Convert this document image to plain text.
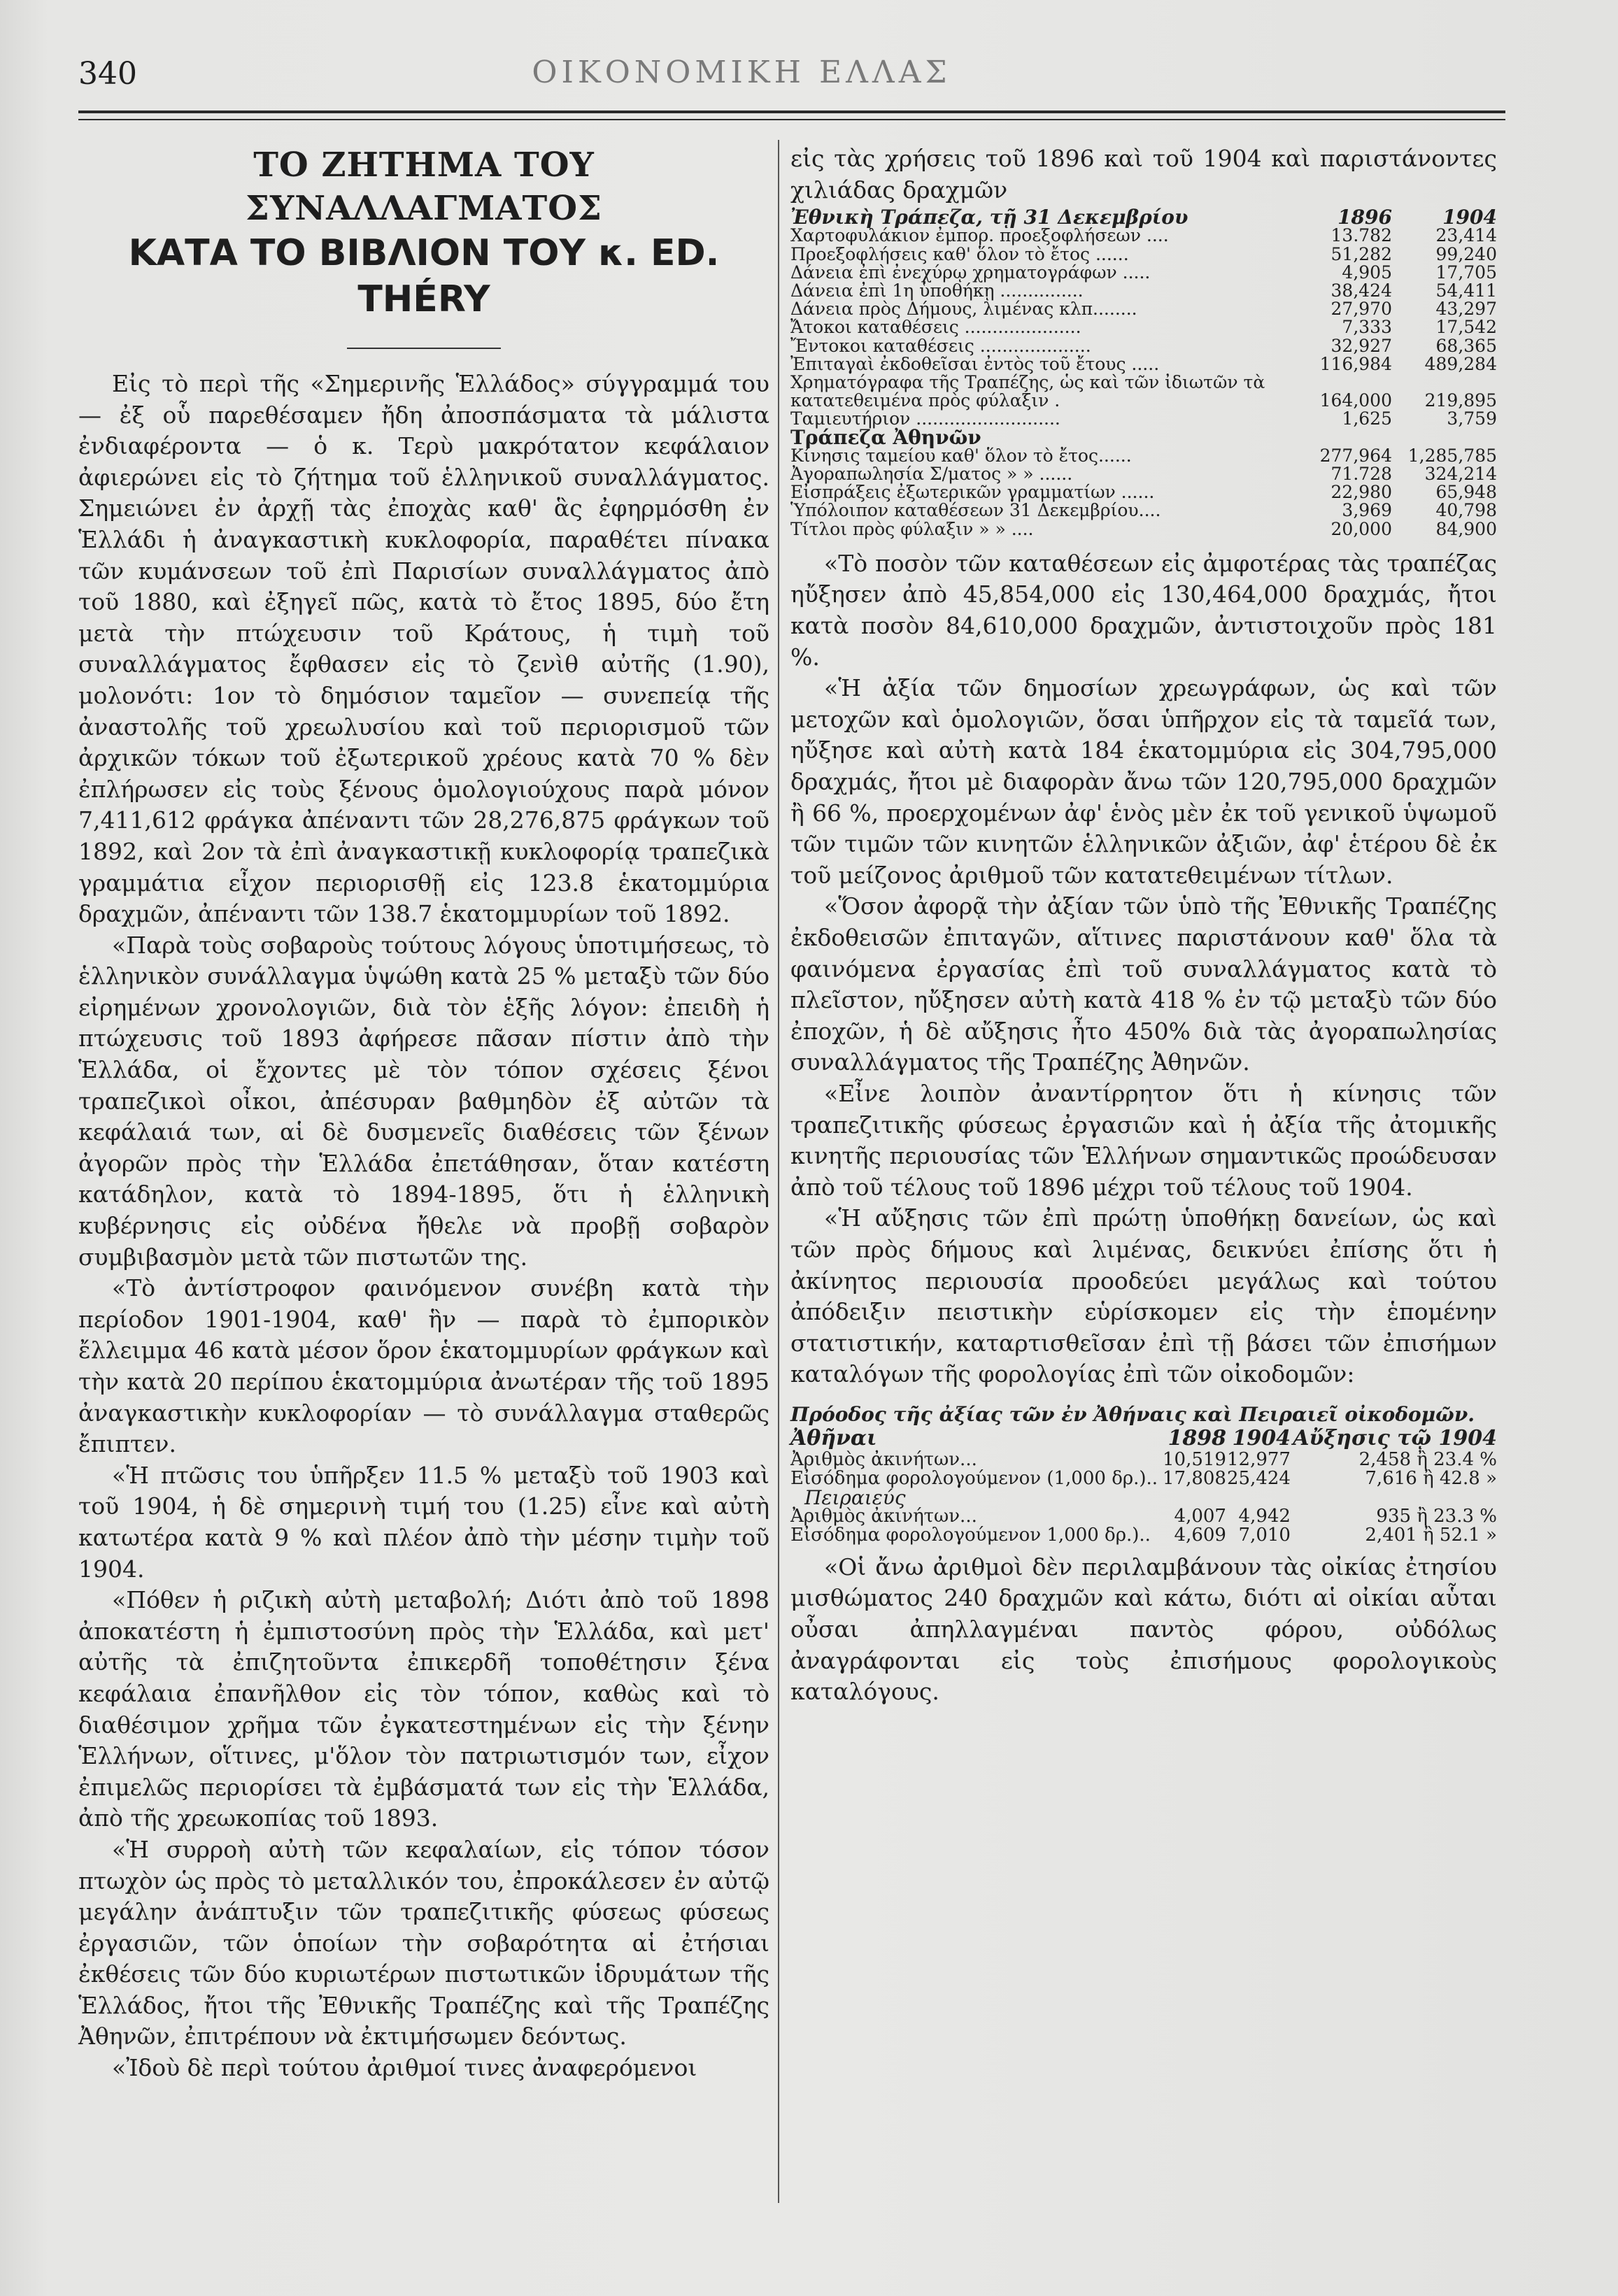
340	ΟΙΚΟΝΟΜΙΚΗ ΕΛΛΑΣ
ΤΟ ΖΗΤΗΜΑ ΤΟΥ ΣΥΝΑΛΛΑΓΜΑΤΟΣ
ΚΑΤΑ ΤΟ ΒΙΒΛΙΟΝ ΤΟΥ κ. ED. THÉRY

Εἰς τὸ περὶ τῆς «Σημερινῆς Ἑλλάδος» σύγγραμμά του — ἐξ οὗ παρεθέσαμεν ἤδη ἀποσπάσματα τὰ μάλιστα ἐνδιαφέροντα — ὁ κ. Τερὺ μακρότατον κεφάλαιον ἀφιερώνει εἰς τὸ ζήτημα τοῦ ἑλληνικοῦ συναλλάγματος. Σημειώνει ἐν ἀρχῇ τὰς ἐποχὰς καθ' ἃς ἐφηρμόσθη ἐν Ἑλλάδι ἡ ἀναγκαστικὴ κυκλοφορία, παραθέτει πίνακα τῶν κυμάνσεων τοῦ ἐπὶ Παρισίων συναλλάγματος ἀπὸ τοῦ 1880, καὶ ἐξηγεῖ πῶς, κατὰ τὸ ἔτος 1895, δύο ἔτη μετὰ τὴν πτώχευσιν τοῦ Κράτους, ἡ τιμὴ τοῦ συναλλάγματος ἔφθασεν εἰς τὸ ζενὶθ αὐτῆς (1.90), μολονότι: 1ον τὸ δημόσιον ταμεῖον — συνεπείᾳ τῆς ἀναστολῆς τοῦ χρεωλυσίου καὶ τοῦ περιορισμοῦ τῶν ἀρχικῶν τόκων τοῦ ἐξωτερικοῦ χρέους κατὰ 70 % δὲν ἐπλήρωσεν εἰς τοὺς ξένους ὁμολογιούχους παρὰ μόνον 7,411,612 φράγκα ἀπέναντι τῶν 28,276,875 φράγκων τοῦ 1892, καὶ 2ον τὰ ἐπὶ ἀναγκαστικῇ κυκλοφορίᾳ τραπεζικὰ γραμμάτια εἶχον περιορισθῇ εἰς 123.8 ἑκατομμύρια δραχμῶν, ἀπέναντι τῶν 138.7 ἑκατομμυρίων τοῦ 1892.

«Παρὰ τοὺς σοβαροὺς τούτους λόγους ὑποτιμήσεως, τὸ ἑλληνικὸν συνάλλαγμα ὑψώθη κατὰ 25 % μεταξὺ τῶν δύο εἰρημένων χρονολογιῶν, διὰ τὸν ἑξῆς λόγον: ἐπειδὴ ἡ πτώχευσις τοῦ 1893 ἀφήρεσε πᾶσαν πίστιν ἀπὸ τὴν Ἑλλάδα, οἱ ἔχοντες μὲ τὸν τόπον σχέσεις ξένοι τραπεζικοὶ οἶκοι, ἀπέσυραν βαθμηδὸν ἐξ αὐτῶν τὰ κεφάλαιά των, αἱ δὲ δυσμενεῖς διαθέσεις τῶν ξένων ἀγορῶν πρὸς τὴν Ἑλλάδα ἐπετάθησαν, ὅταν κατέστη κατάδηλον, κατὰ τὸ 1894-1895, ὅτι ἡ ἑλληνικὴ κυβέρνησις εἰς οὐδένα ἤθελε νὰ προβῇ σοβαρὸν συμβιβασμὸν μετὰ τῶν πιστωτῶν της.

«Τὸ ἀντίστροφον φαινόμενον συνέβη κατὰ τὴν περίοδον 1901-1904, καθ' ἣν — παρὰ τὸ ἐμπορικὸν ἔλλειμμα 46 κατὰ μέσον ὅρον ἑκατομμυρίων φράγκων καὶ τὴν κατὰ 20 περίπου ἑκατομμύρια ἀνωτέραν τῆς τοῦ 1895 ἀναγκαστικὴν κυκλοφορίαν — τὸ συνάλλαγμα σταθερῶς ἔπιπτεν.

«Ἡ πτῶσις του ὑπῆρξεν 11.5 % μεταξὺ τοῦ 1903 καὶ τοῦ 1904, ἡ δὲ σημερινὴ τιμή του (1.25) εἶνε καὶ αὐτὴ κατωτέρα κατὰ 9 % καὶ πλέον ἀπὸ τὴν μέσην τιμὴν τοῦ 1904.

«Πόθεν ἡ ριζικὴ αὐτὴ μεταβολή; Διότι ἀπὸ τοῦ 1898 ἀποκατέστη ἡ ἐμπιστοσύνη πρὸς τὴν Ἑλλάδα, καὶ μετ' αὐτῆς τὰ ἐπιζητοῦντα ἐπικερδῆ τοποθέτησιν ξένα κεφάλαια ἐπανῆλθον εἰς τὸν τόπον, καθὼς καὶ τὸ διαθέσιμον χρῆμα τῶν ἐγκατεστημένων εἰς τὴν ξένην Ἑλλήνων, οἵτινες, μ'ὅλον τὸν πατριωτισμόν των, εἶχον ἐπιμελῶς περιορίσει τὰ ἐμβάσματά των εἰς τὴν Ἑλλάδα, ἀπὸ τῆς χρεωκοπίας τοῦ 1893.

«Ἡ συρροὴ αὐτὴ τῶν κεφαλαίων, εἰς τόπον τόσον πτωχὸν ὡς πρὸς τὸ μεταλλικόν του, ἐπροκάλεσεν ἐν αὐτῷ μεγάλην ἀνάπτυξιν τῶν τραπεζιτικῆς φύσεως φύσεως ἐργασιῶν, τῶν ὁποίων τὴν σοβαρότητα αἱ ἐτήσιαι ἐκθέσεις τῶν δύο κυριωτέρων πιστωτικῶν ἱδρυμάτων τῆς Ἑλλάδος, ἤτοι τῆς Ἐθνικῆς Τραπέζης καὶ τῆς Τραπέζης Ἀθηνῶν, ἐπιτρέπουν νὰ ἐκτιμήσωμεν δεόντως.

«Ἰδοὺ δὲ περὶ τούτου ἀριθμοί τινες ἀναφερόμενοι

εἰς τὰς χρήσεις τοῦ 1896 καὶ τοῦ 1904 καὶ παριστάνοντες χιλιάδας δραχμῶν

Ἐθνικὴ Τράπεζα, τῇ 31 Δεκεμβρίου	1896	1904
Χαρτοφυλάκιον ἐμπορ. προεξοφλήσεων ....	13.782	23,414
Προεξοφλήσεις καθ' ὅλον τὸ ἔτος ......	51,282	99,240
Δάνεια ἐπὶ ἐνεχύρῳ χρηματογράφων .....	4,905	17,705
Δάνεια ἐπὶ 1η ὑποθήκῃ ...............	38,424	54,411
Δάνεια πρὸς Δήμους, λιμένας κλπ........	27,970	43,297
Ἄτοκοι καταθέσεις .....................	7,333	17,542
Ἔντοκοι καταθέσεις ....................	32,927	68,365
Ἐπιταγαὶ ἐκδοθεῖσαι ἐντὸς τοῦ ἔτους .....	116,984	489,284
Χρηματόγραφα τῆς Τραπέζης, ὡς καὶ τῶν ἰδιωτῶν τὰ κατατεθειμένα πρὸς φύλαξιν .	164,000	219,895
Ταμιευτήριον ..........................	1,625	3,759
Τράπεζα Ἀθηνῶν		
Κίνησις ταμείου καθ' ὅλον τὸ ἔτος......	277,964	1,285,785
Ἀγοραπωλησία Σ/ματος » » ......	71.728	324,214
Εἰσπράξεις ἐξωτερικῶν γραμματίων ......	22,980	65,948
Ὑπόλοιπον καταθέσεων 31 Δεκεμβρίου....	3,969	40,798
Τίτλοι πρὸς φύλαξιν » » ....	20,000	84,900

«Τὸ ποσὸν τῶν καταθέσεων εἰς ἀμφοτέρας τὰς τραπέζας ηὔξησεν ἀπὸ 45,854,000 εἰς 130,464,000 δραχμάς, ἤτοι κατὰ ποσὸν 84,610,000 δραχμῶν, ἀντιστοιχοῦν πρὸς 181 %.

«Ἡ ἀξία τῶν δημοσίων χρεωγράφων, ὡς καὶ τῶν μετοχῶν καὶ ὁμολογιῶν, ὅσαι ὑπῆρχον εἰς τὰ ταμεῖά των, ηὔξησε καὶ αὐτὴ κατὰ 184 ἑκατομμύρια εἰς 304,795,000 δραχμάς, ἤτοι μὲ διαφορὰν ἄνω τῶν 120,795,000 δραχμῶν ἢ 66 %, προερχομένων ἀφ' ἑνὸς μὲν ἐκ τοῦ γενικοῦ ὑψωμοῦ τῶν τιμῶν τῶν κινητῶν ἑλληνικῶν ἀξιῶν, ἀφ' ἑτέρου δὲ ἐκ τοῦ μείζονος ἀριθμοῦ τῶν κατατεθειμένων τίτλων.

«Ὅσον ἀφορᾷ τὴν ἀξίαν τῶν ὑπὸ τῆς Ἐθνικῆς Τραπέζης ἐκδοθεισῶν ἐπιταγῶν, αἵτινες παριστάνουν καθ' ὅλα τὰ φαινόμενα ἐργασίας ἐπὶ τοῦ συναλλάγματος κατὰ τὸ πλεῖστον, ηὔξησεν αὐτὴ κατὰ 418 % ἐν τῷ μεταξὺ τῶν δύο ἐποχῶν, ἡ δὲ αὔξησις ἦτο 450% διὰ τὰς ἀγοραπωλησίας συναλλάγματος τῆς Τραπέζης Ἀθηνῶν.

«Εἶνε λοιπὸν ἀναντίρρητον ὅτι ἡ κίνησις τῶν τραπεζιτικῆς φύσεως ἐργασιῶν καὶ ἡ ἀξία τῆς ἀτομικῆς κινητῆς περιουσίας τῶν Ἑλλήνων σημαντικῶς προώδευσαν ἀπὸ τοῦ τέλους τοῦ 1896 μέχρι τοῦ τέλους τοῦ 1904.

«Ἡ αὔξησις τῶν ἐπὶ πρώτῃ ὑποθήκῃ δανείων, ὡς καὶ τῶν πρὸς δήμους καὶ λιμένας, δεικνύει ἐπίσης ὅτι ἡ ἀκίνητος περιουσία προοδεύει μεγάλως καὶ τούτου ἀπόδειξιν πειστικὴν εὑρίσκομεν εἰς τὴν ἑπομένην στατιστικήν, καταρτισθεῖσαν ἐπὶ τῇ βάσει τῶν ἐπισήμων καταλόγων τῆς φορολογίας ἐπὶ τῶν οἰκοδομῶν:

Πρόοδος τῆς ἀξίας τῶν ἐν Ἀθήναις καὶ Πειραιεῖ οἰκοδομῶν.
Ἀθῆναι	1898	1904	Αὔξησις τῷ 1904
Ἀριθμὸς ἀκινήτων...	10,519	12,977	2,458 ἢ 23.4 %
Εἰσόδημα φορολογούμενον (1,000 δρ.)..	17,808	25,424	7,616 ἢ 42.8 »
Πειραιεύς			
Ἀριθμὸς ἀκινήτων...	4,007	4,942	935 ἢ 23.3 %
Εἰσόδημα φορολογούμενον 1,000 δρ.)..	4,609	7,010	2,401 ἢ 52.1 »

«Οἱ ἄνω ἀριθμοὶ δὲν περιλαμβάνουν τὰς οἰκίας ἐτησίου μισθώματος 240 δραχμῶν καὶ κάτω, διότι αἱ οἰκίαι αὗται οὖσαι ἀπηλλαγμέναι παντὸς φόρου, οὐδόλως ἀναγράφονται εἰς τοὺς ἐπισήμους φορολογικοὺς καταλόγους.
